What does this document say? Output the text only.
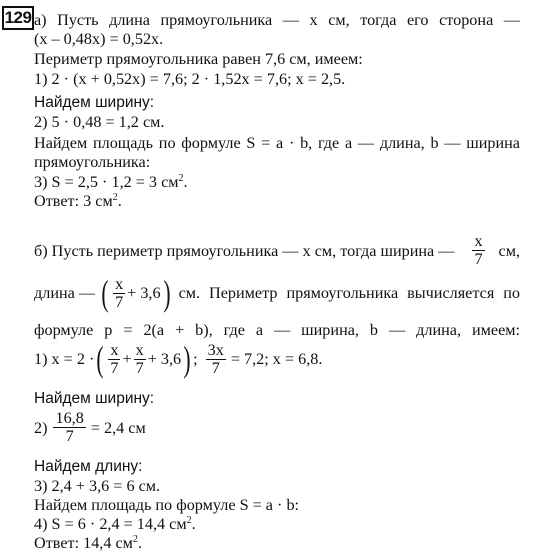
129 а) Пусть длина прямоугольника — x см, тогда его сторона —
(x – 0,48x) = 0,52x.
Периметр прямоугольника равен 7,6 см, имеем:
1) 2 · (x + 0,52x) = 7,6; 2 · 1,52x = 7,6; x = 2,5.
Найдем ширину:
2) 5 · 0,48 = 1,2 см.
Найдем площадь по формуле S = a · b, где a — длина, b — ширина
прямоугольника:
3) S = 2,5 · 1,2 = 3 $см^2$.
Ответ: 3 $см^2$.
б) Пусть периметр прямоугольника — x см, тогда ширина — $\frac{x}{7}$ см,
длина — ( $\frac{x}{7} + 3,6$ ) см. Периметр прямоугольника вычисляется по
формуле p = 2(a + b), где a — ширина, b — длина, имеем:
1) x = 2 · ( $\frac{x}{7} + \frac{x}{7} + 3,6$ ) ; $\frac{3x}{7} = 7,2$; x = 6,8.
Найдем ширину:
$2) \frac{16,8}{7} = 2,4$ см
Найдем длину:
3) 2,4 + 3,6 = 6 см.
Найдем площадь по формуле S = a · b:
4) S = 6 · 2,4 = 14,4 $см^2$.
Ответ: 14,4 $см^2$.
